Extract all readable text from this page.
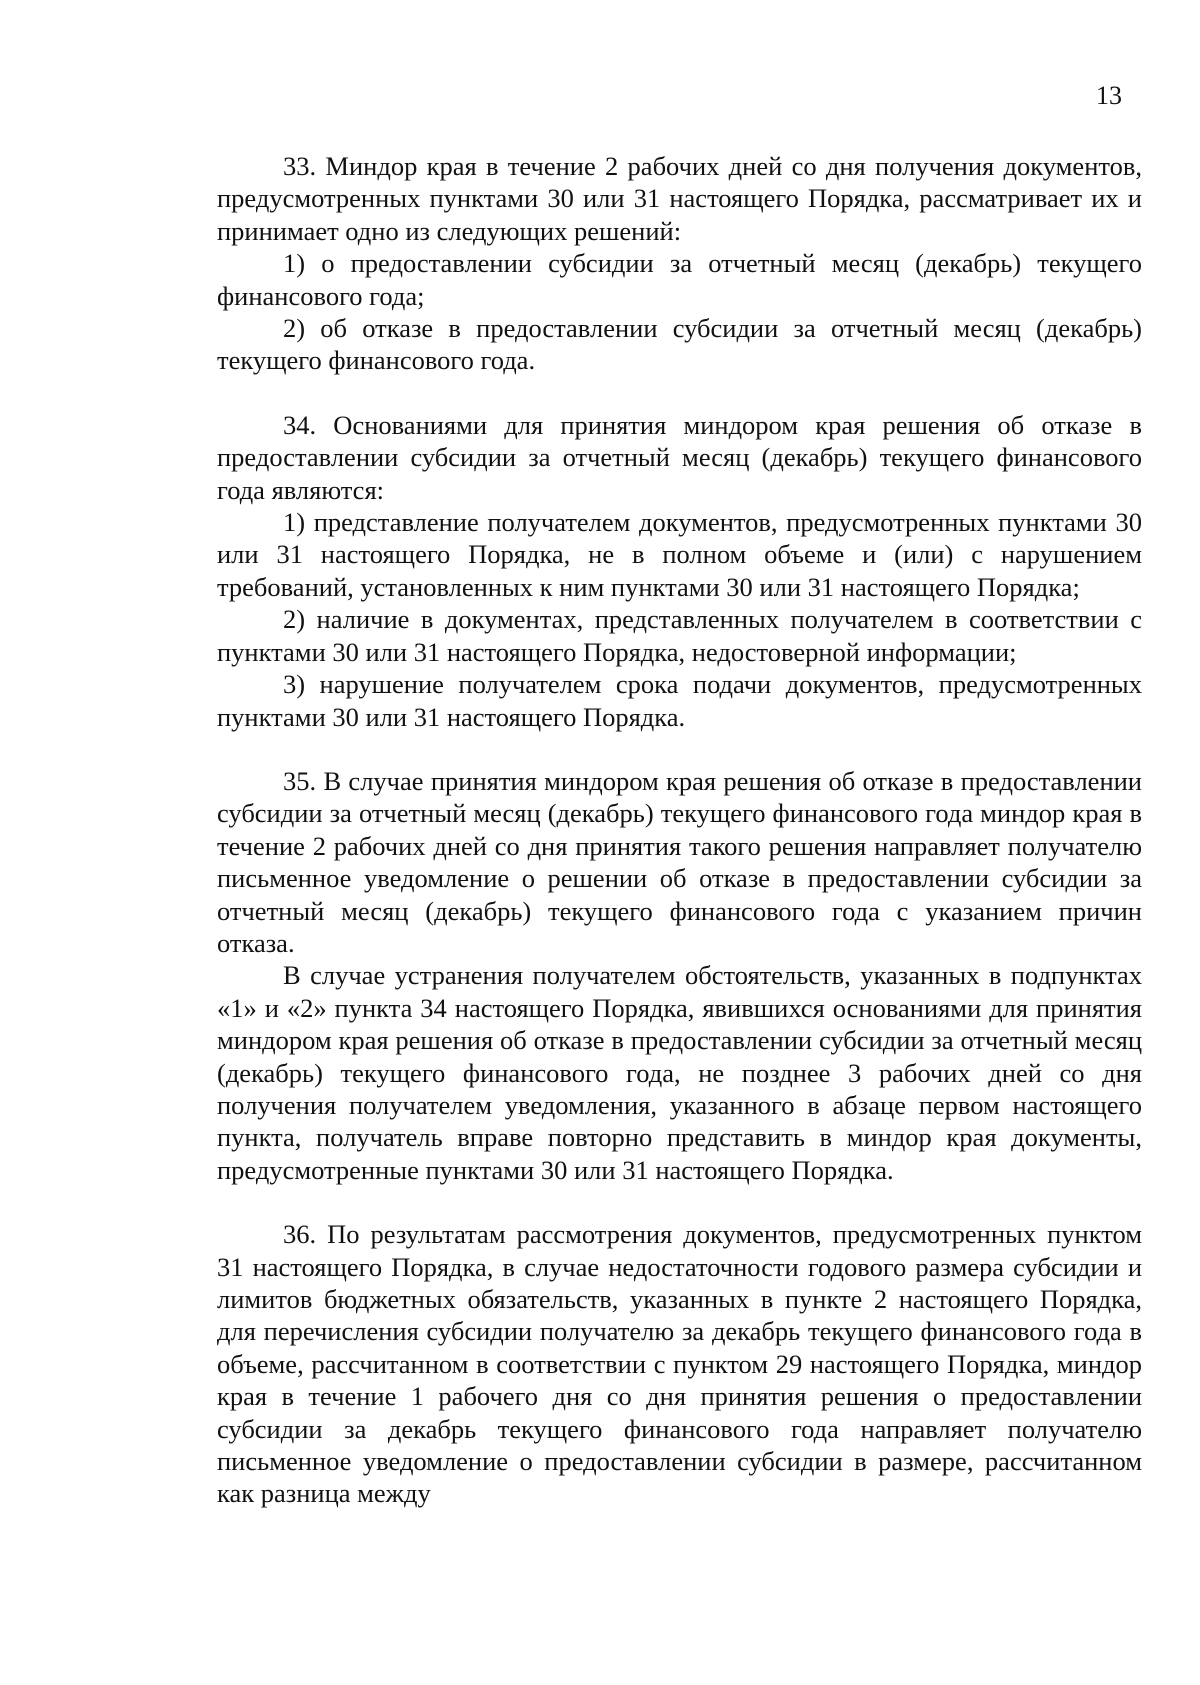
13

33. Миндор края в течение 2 рабочих дней со дня получения документов, предусмотренных пунктами 30 или 31 настоящего Порядка, рассматривает их и принимает одно из следующих решений:

1) о предоставлении субсидии за отчетный месяц (декабрь) текущего финансового года;

2) об отказе в предоставлении субсидии за отчетный месяц (декабрь) текущего финансового года.

34. Основаниями для принятия миндором края решения об отказе в предоставлении субсидии за отчетный месяц (декабрь) текущего финансового года являются:

1) представление получателем документов, предусмотренных пунктами 30 или 31 настоящего Порядка, не в полном объеме и (или) с нарушением требований, установленных к ним пунктами 30 или 31 настоящего Порядка;

2) наличие в документах, представленных получателем в соответствии с пунктами 30 или 31 настоящего Порядка, недостоверной информации;

3) нарушение получателем срока подачи документов, предусмотренных пунктами 30 или 31 настоящего Порядка.

35. В случае принятия миндором края решения об отказе в предоставлении субсидии за отчетный месяц (декабрь) текущего финансового года миндор края в течение 2 рабочих дней со дня принятия такого решения направляет получателю письменное уведомление о решении об отказе в предоставлении субсидии за отчетный месяц (декабрь) текущего финансового года с указанием причин отказа.

В случае устранения получателем обстоятельств, указанных в подпунктах «1» и «2» пункта 34 настоящего Порядка, явившихся основаниями для принятия миндором края решения об отказе в предоставлении субсидии за отчетный месяц (декабрь) текущего финансового года, не позднее 3 рабочих дней со дня получения получателем уведомления, указанного в абзаце первом настоящего пункта, получатель вправе повторно представить в миндор края документы, предусмотренные пунктами 30 или 31 настоящего Порядка.

36. По результатам рассмотрения документов, предусмотренных пунктом 31 настоящего Порядка, в случае недостаточности годового размера субсидии и лимитов бюджетных обязательств, указанных в пункте 2 настоящего Порядка, для перечисления субсидии получателю за декабрь текущего финансового года в объеме, рассчитанном в соответствии с пунктом 29 настоящего Порядка, миндор края в течение 1 рабочего дня со дня принятия решения о предоставлении субсидии за декабрь текущего финансового года направляет получателю письменное уведомление о предоставлении субсидии в размере, рассчитанном как разница между
